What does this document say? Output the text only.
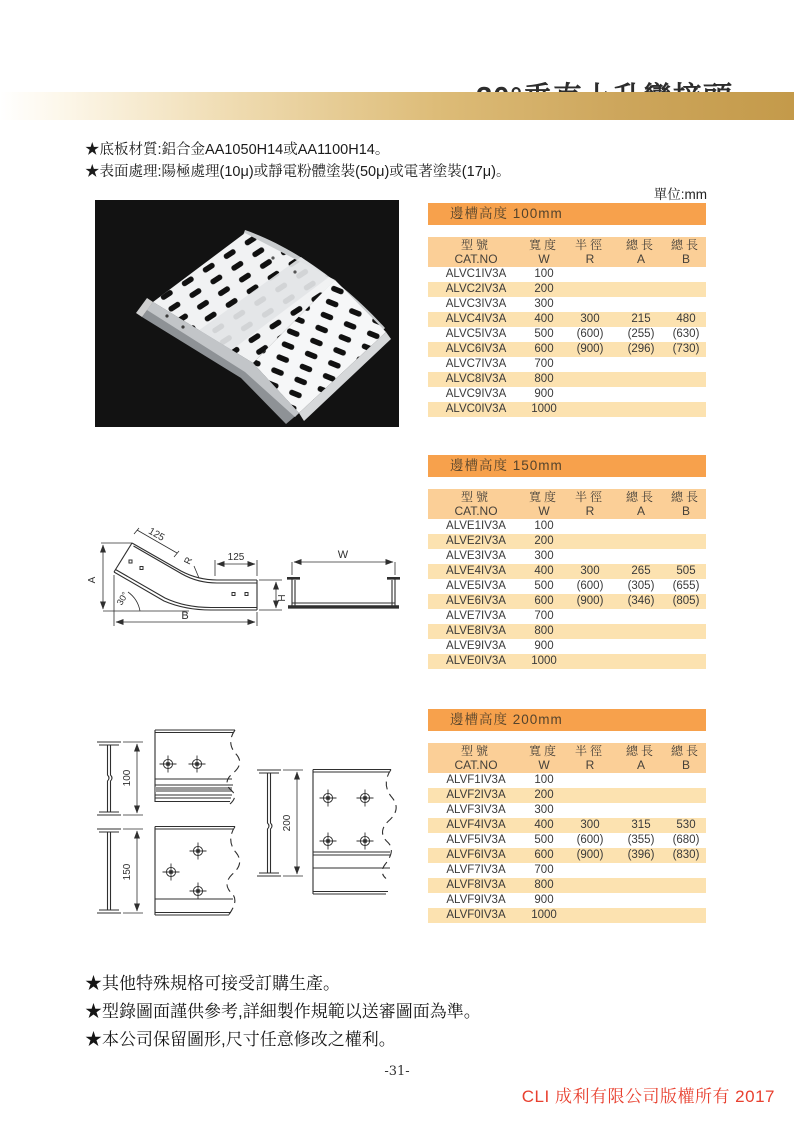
★底板材質:鋁合金AA1050H14或AA1100H14。
★表面處理:陽極處理(10μ)或靜電粉體塗裝(50μ)或電著塗裝(17μ)。
單位:mm
A
125
R	125
30°	H
B
W
100
150
200
邊槽高度 100mm
型號
CAT.NO

寬度
W

半徑
R

總長
A

總長
B

ALVC1IV3A	100			
ALVC2IV3A	200			
ALVC3IV3A	300			
ALVC4IV3A	400	300	215	480
ALVC5IV3A	500	(600)	(255)	(630)
ALVC6IV3A	600	(900)	(296)	(730)
ALVC7IV3A	700			
ALVC8IV3A	800			
ALVC9IV3A	900			
ALVC0IV3A	1000			
邊槽高度 150mm
型號
CAT.NO

寬度
W

半徑
R

總長
A

總長
B

ALVE1IV3A	100			
ALVE2IV3A	200			
ALVE3IV3A	300			
ALVE4IV3A	400	300	265	505
ALVE5IV3A	500	(600)	(305)	(655)
ALVE6IV3A	600	(900)	(346)	(805)
ALVE7IV3A	700			
ALVE8IV3A	800			
ALVE9IV3A	900			
ALVE0IV3A	1000			
邊槽高度 200mm
型號
CAT.NO

寬度
W

半徑
R

總長
A

總長
B

ALVF1IV3A	100			
ALVF2IV3A	200			
ALVF3IV3A	300			
ALVF4IV3A	400	300	315	530
ALVF5IV3A	500	(600)	(355)	(680)
ALVF6IV3A	600	(900)	(396)	(830)
ALVF7IV3A	700			
ALVF8IV3A	800			
ALVF9IV3A	900			
ALVF0IV3A	1000			
★其他特殊規格可接受訂購生產。
★型錄圖面謹供參考,詳細製作規範以送審圖面為準。
★本公司保留圖形,尺寸任意修改之權利。
-31-
CLI 成利有限公司版權所有 2017
